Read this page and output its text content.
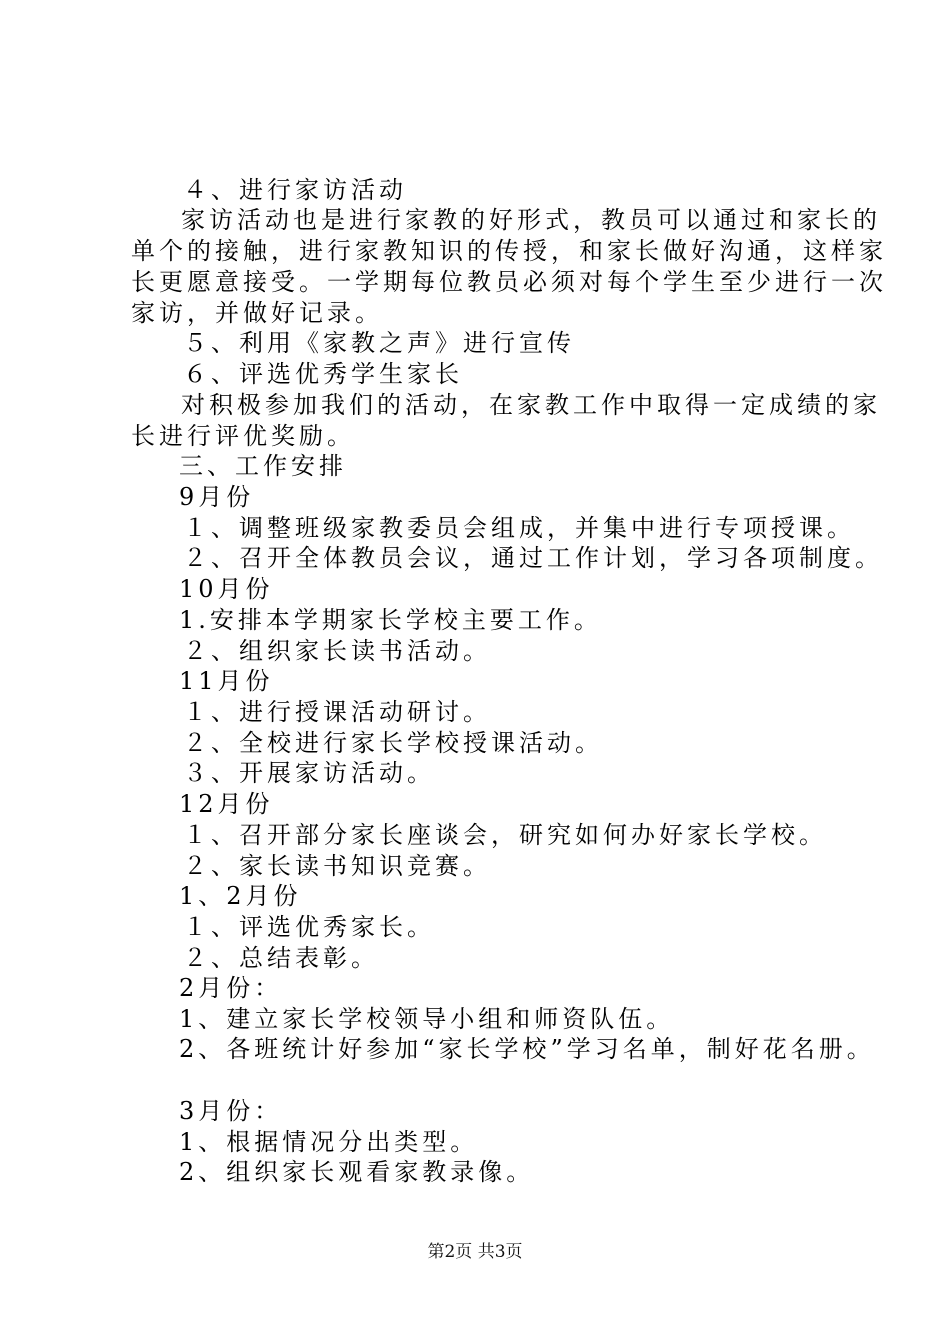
４、进行家访活动
家访活动也是进行家教的好形式，教员可以通过和家长的
单个的接触，进行家教知识的传授，和家长做好沟通，这样家
长更愿意接受。一学期每位教员必须对每个学生至少进行一次
家访，并做好记录。
５、利用《家教之声》进行宣传
６、评选优秀学生家长
对积极参加我们的活动，在家教工作中取得一定成绩的家
长进行评优奖励。
三、工作安排
9月份
１、调整班级家教委员会组成，并集中进行专项授课。
２、召开全体教员会议，通过工作计划，学习各项制度。
10月份
1.安排本学期家长学校主要工作。
２、组织家长读书活动。
11月份
１、进行授课活动研讨。
２、全校进行家长学校授课活动。
３、开展家访活动。
12月份
１、召开部分家长座谈会，研究如何办好家长学校。
２、家长读书知识竞赛。
1、2月份
１、评选优秀家长。
２、总结表彰。
2月份：
1、建立家长学校领导小组和师资队伍。
2、各班统计好参加“家长学校”学习名单，制好花名册。
3月份：
1、根据情况分出类型。
2、组织家长观看家教录像。
第2页 共3页
